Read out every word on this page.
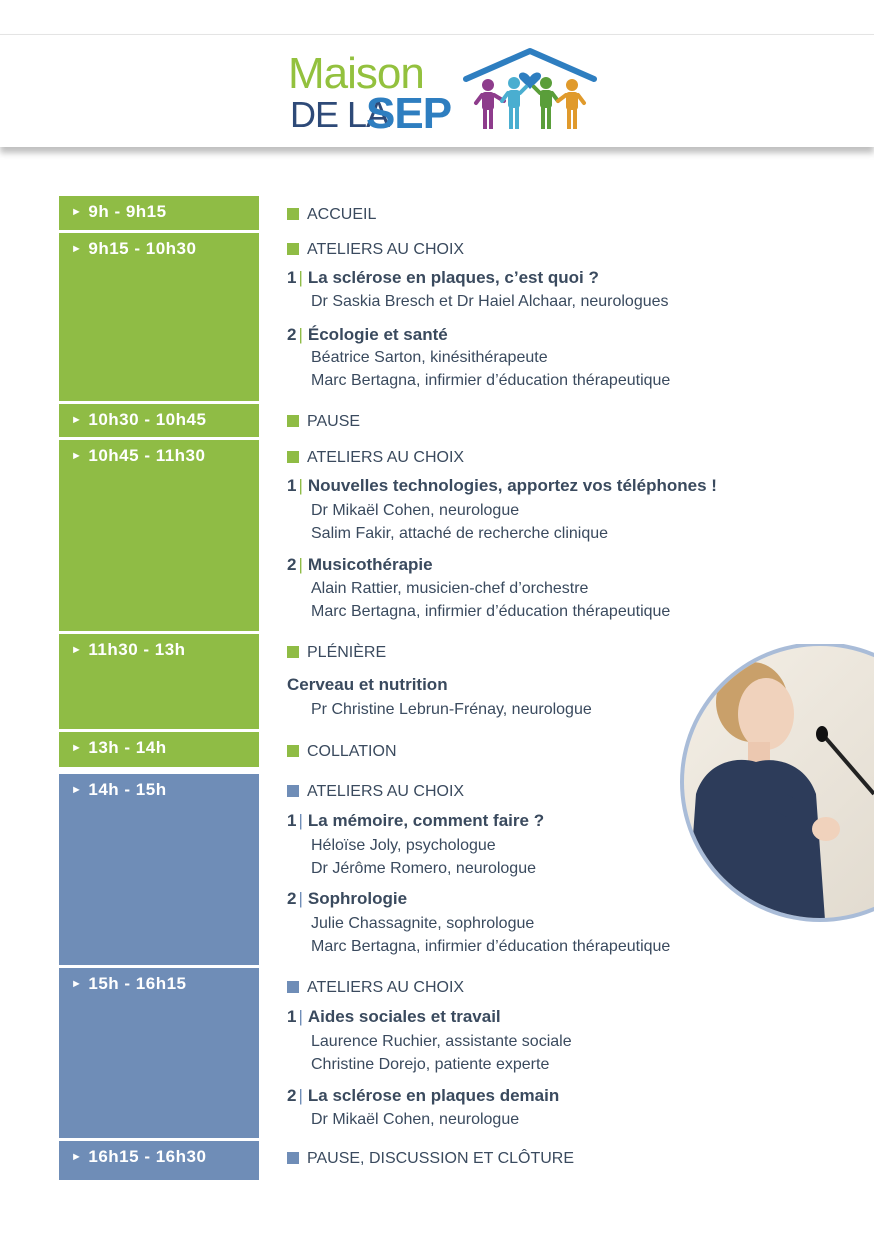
Maison
DE LA
SEP
► 9h - 9h15
► 9h15 - 10h30
► 10h30 - 10h45
► 10h45 - 11h30
► 11h30 - 13h
► 13h - 14h
► 14h - 15h
► 15h - 16h15
► 16h15 - 16h30
ACCUEIL
ATELIERS AU CHOIX
PAUSE
ATELIERS AU CHOIX
PLÉNIÈRE
COLLATION
ATELIERS AU CHOIX
ATELIERS AU CHOIX
PAUSE, DISCUSSION ET CLÔTURE
1 | La sclérose en plaques, c’est quoi ?
Dr Saskia Bresch et Dr Haiel Alchaar, neurologues
2 | Écologie et santé
Béatrice Sarton, kinésithérapeute
Marc Bertagna, infirmier d’éducation thérapeutique
1 | Nouvelles technologies, apportez vos téléphones !
Dr Mikaël Cohen, neurologue
Salim Fakir, attaché de recherche clinique
2 | Musicothérapie
Alain Rattier, musicien-chef d’orchestre
Marc Bertagna, infirmier d’éducation thérapeutique
Cerveau et nutrition
Pr Christine Lebrun-Frénay, neurologue
1 | La mémoire, comment faire ?
Héloïse Joly, psychologue
Dr Jérôme Romero, neurologue
2 | Sophrologie
Julie Chassagnite, sophrologue
Marc Bertagna, infirmier d’éducation thérapeutique
1 | Aides sociales et travail
Laurence Ruchier, assistante sociale
Christine Dorejo, patiente experte
2 | La sclérose en plaques demain
Dr Mikaël Cohen, neurologue
